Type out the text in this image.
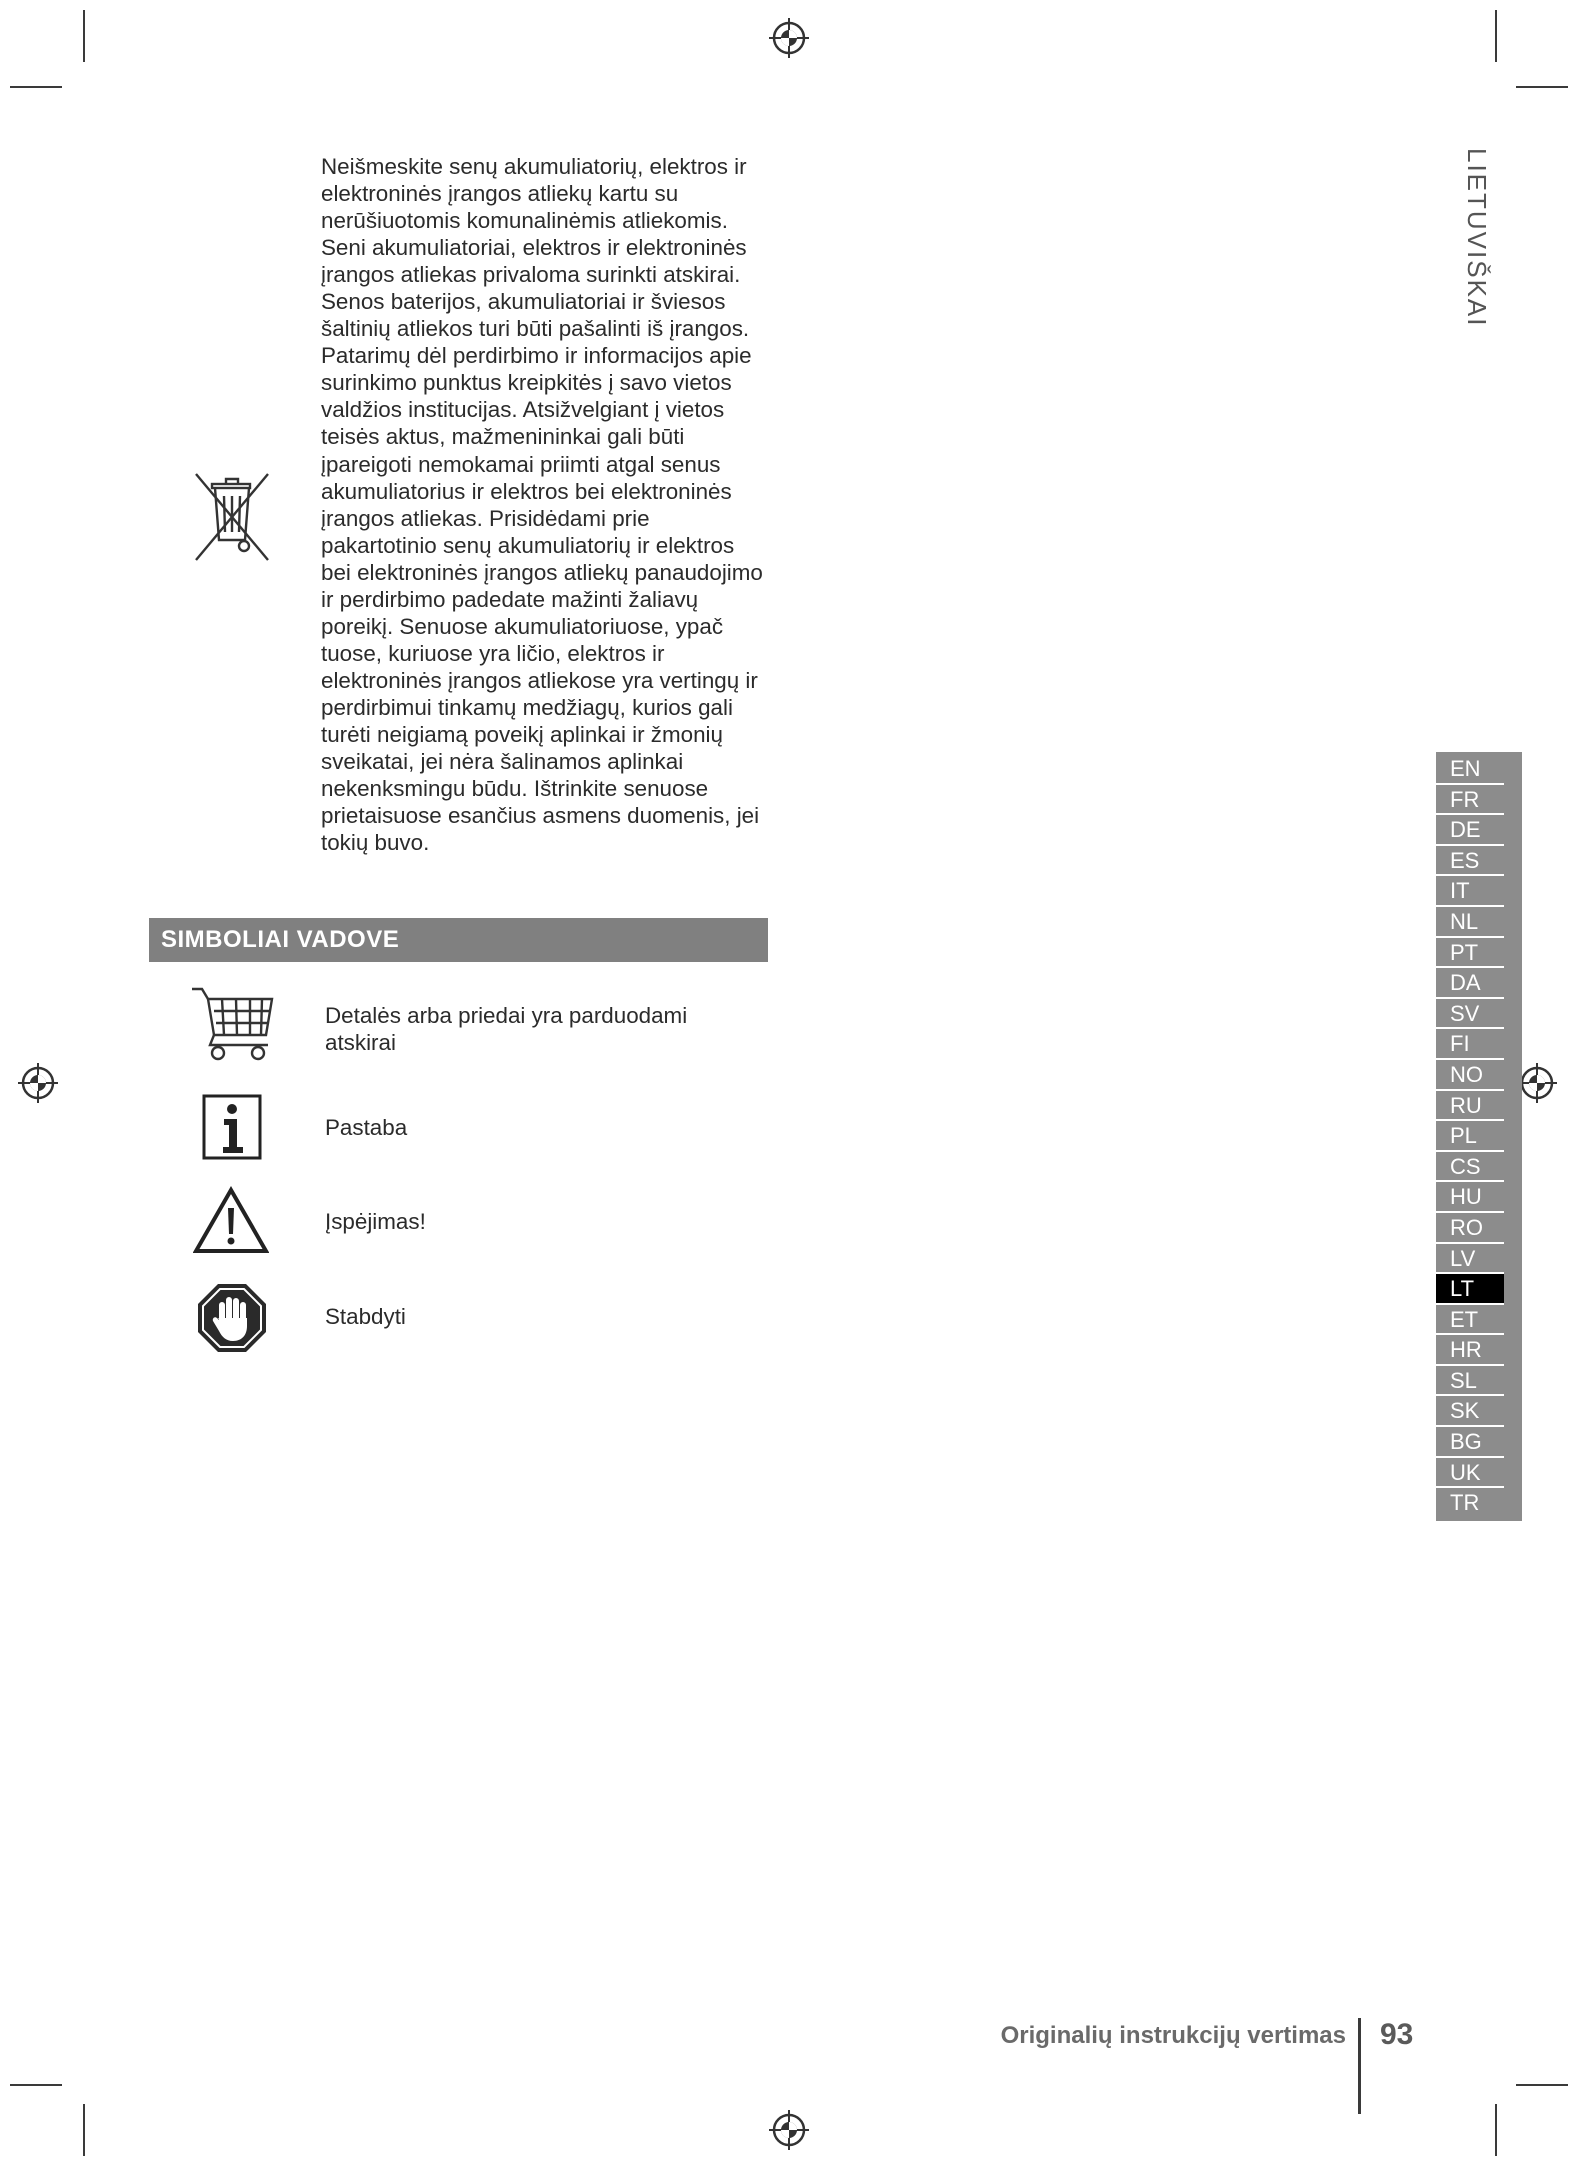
LIETUVIŠKAI

Neišmeskite senų akumuliatorių, elektros ir elektroninės įrangos atliekų kartu su nerūšiuotomis komunalinėmis atliekomis. Seni akumuliatoriai, elektros ir elektroninės įrangos atliekas privaloma surinkti atskirai. Senos baterijos, akumuliatoriai ir šviesos šaltinių atliekos turi būti pašalinti iš įrangos. Patarimų dėl perdirbimo ir informacijos apie surinkimo punktus kreipkitės į savo vietos valdžios institucijas. Atsižvelgiant į vietos teisės aktus, mažmenininkai gali būti įpareigoti nemokamai priimti atgal senus akumuliatorius ir elektros bei elektroninės įrangos atliekas. Prisidėdami prie pakartotinio senų akumuliatorių ir elektros bei elektroninės įrangos atliekų panaudojimo ir perdirbimo padedate mažinti žaliavų poreikį. Senuose akumuliatoriuose, ypač tuose, kuriuose yra ličio, elektros ir elektroninės įrangos atliekose yra vertingų ir perdirbimui tinkamų medžiagų, kurios gali turėti neigiamą poveikį aplinkai ir žmonių sveikatai, jei nėra šalinamos aplinkai nekenksmingu būdu. Ištrinkite senuose prietaisuose esančius asmens duomenis, jei tokių buvo.

SIMBOLIAI VADOVE
Detalės arba priedai yra parduodami atskirai
Pastaba
Įspėjimas!
Stabdyti
EN
FR
DE
ES
IT
NL
PT
DA
SV
FI
NO
RU
PL
CS
HU
RO
LV
LT
ET
HR
SL
SK
BG
UK
TR
Originalių instrukcijų vertimas 93
